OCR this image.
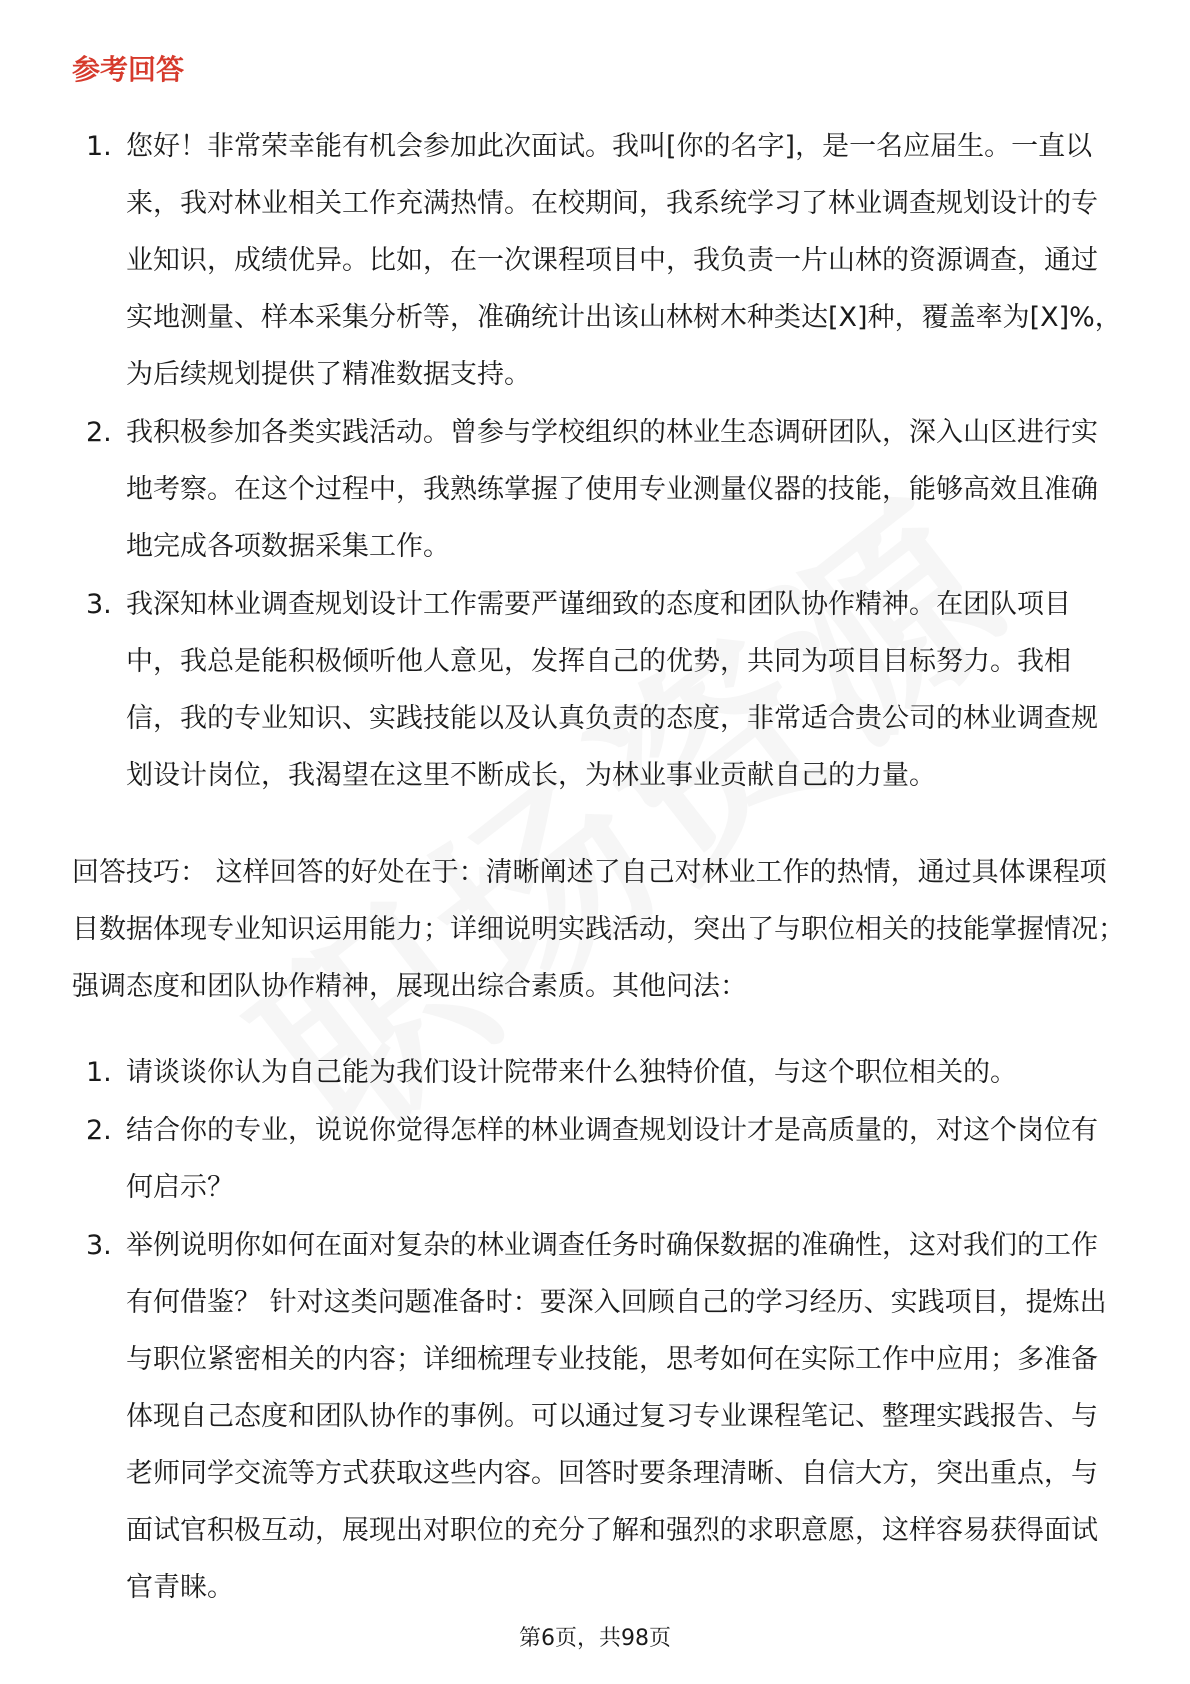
参考回答
1. 您好！非常荣幸能有机会参加此次面试。我叫[你的名字]，是一名应届生。一直以来，我对林业相关工作充满热情。在校期间，我系统学习了林业调查规划设计的专业知识，成绩优异。比如，在一次课程项目中，我负责一片山林的资源调查，通过实地测量、样本采集分析等，准确统计出该山林树木种类达[X]种，覆盖率为[X]%，为后续规划提供了精准数据支持。
2. 我积极参加各类实践活动。曾参与学校组织的林业生态调研团队，深入山区进行实地考察。在这个过程中，我熟练掌握了使用专业测量仪器的技能，能够高效且准确地完成各项数据采集工作。
3. 我深知林业调查规划设计工作需要严谨细致的态度和团队协作精神。在团队项目中，我总是能积极倾听他人意见，发挥自己的优势，共同为项目目标努力。我相信，我的专业知识、实践技能以及认真负责的态度，非常适合贵公司的林业调查规划设计岗位，我渴望在这里不断成长，为林业事业贡献自己的力量。

回答技巧： 这样回答的好处在于：清晰阐述了自己对林业工作的热情，通过具体课程项目数据体现专业知识运用能力；详细说明实践活动，突出了与职位相关的技能掌握情况；强调态度和团队协作精神，展现出综合素质。其他问法：

1. 请谈谈你认为自己能为我们设计院带来什么独特价值，与这个职位相关的。
2. 结合你的专业，说说你觉得怎样的林业调查规划设计才是高质量的，对这个岗位有何启示？
3. 举例说明你如何在面对复杂的林业调查任务时确保数据的准确性，这对我们的工作有何借鉴？ 针对这类问题准备时：要深入回顾自己的学习经历、实践项目，提炼出与职位紧密相关的内容；详细梳理专业技能，思考如何在实际工作中应用；多准备体现自己态度和团队协作的事例。可以通过复习专业课程笔记、整理实践报告、与老师同学交流等方式获取这些内容。回答时要条理清晰、自信大方，突出重点，与面试官积极互动，展现出对职位的充分了解和强烈的求职意愿，这样容易获得面试官青睐。
第6页，共98页
